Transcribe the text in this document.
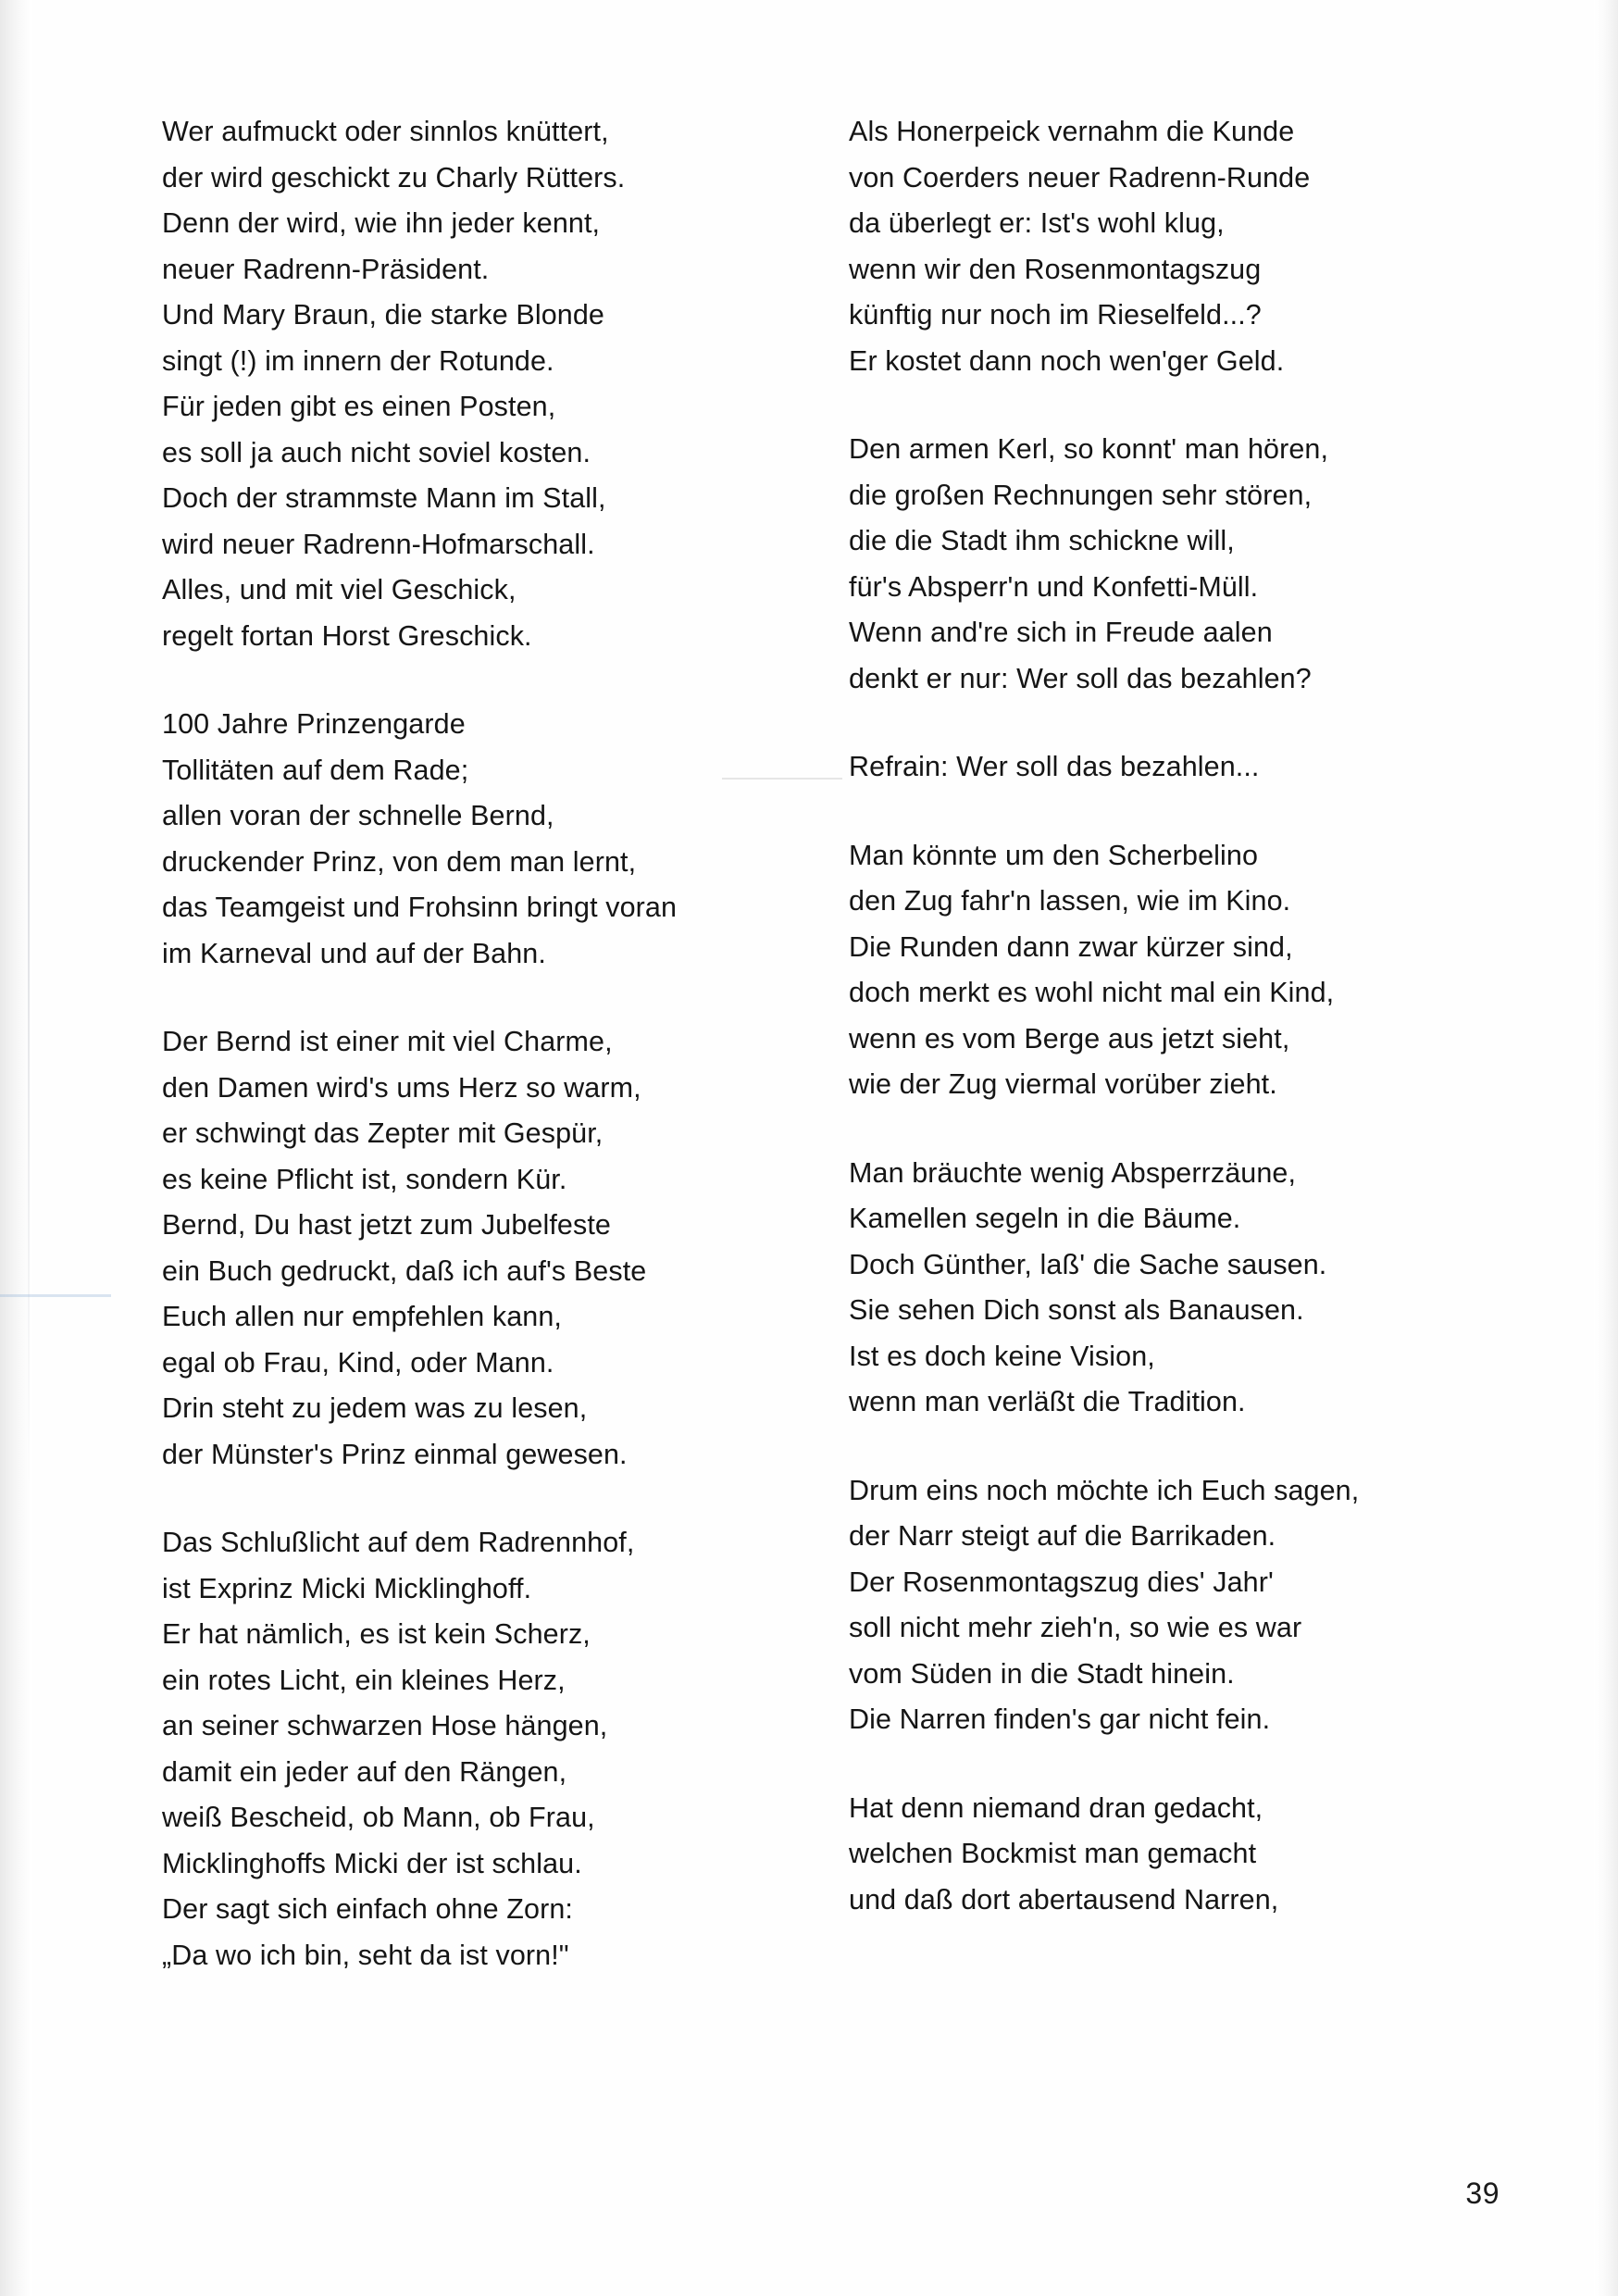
Wer aufmuckt oder sinnlos knüttert,
der wird geschickt zu Charly Rütters.
Denn der wird, wie ihn jeder kennt,
neuer Radrenn-Präsident.
Und Mary Braun, die starke Blonde
singt (!) im innern der Rotunde.
Für jeden gibt es einen Posten,
es soll ja auch nicht soviel kosten.
Doch der strammste Mann im Stall,
wird neuer Radrenn-Hofmarschall.
Alles, und mit viel Geschick,
regelt fortan Horst Greschick.
100 Jahre Prinzengarde
Tollitäten auf dem Rade;
allen voran der schnelle Bernd,
druckender Prinz, von dem man lernt,
das Teamgeist und Frohsinn bringt voran
im Karneval und auf der Bahn.
Der Bernd ist einer mit viel Charme,
den Damen wird's ums Herz so warm,
er schwingt das Zepter mit Gespür,
es keine Pflicht ist, sondern Kür.
Bernd, Du hast jetzt zum Jubelfeste
ein Buch gedruckt, daß ich auf's Beste
Euch allen nur empfehlen kann,
egal ob Frau, Kind, oder Mann.
Drin steht zu jedem was zu lesen,
der Münster's Prinz einmal gewesen.
Das Schlußlicht auf dem Radrennhof,
ist Exprinz Micki Micklinghoff.
Er hat nämlich, es ist kein Scherz,
ein rotes Licht, ein kleines Herz,
an seiner schwarzen Hose hängen,
damit ein jeder auf den Rängen,
weiß Bescheid, ob Mann, ob Frau,
Micklinghoffs Micki der ist schlau.
Der sagt sich einfach ohne Zorn:
„Da wo ich bin, seht da ist vorn!"
Als Honerpeick vernahm die Kunde
von Coerders neuer Radrenn-Runde
da überlegt er: Ist's wohl klug,
wenn wir den Rosenmontagszug
künftig nur noch im Rieselfeld...?
Er kostet dann noch wen'ger Geld.
Den armen Kerl, so konnt' man hören,
die großen Rechnungen sehr stören,
die die Stadt ihm schickne will,
für's Absperr'n und Konfetti-Müll.
Wenn and're sich in Freude aalen
denkt er nur: Wer soll das bezahlen?
Refrain: Wer soll das bezahlen...
Man könnte um den Scherbelino
den Zug fahr'n lassen, wie im Kino.
Die Runden dann zwar kürzer sind,
doch merkt es wohl nicht mal ein Kind,
wenn es vom Berge aus jetzt sieht,
wie der Zug viermal vorüber zieht.
Man bräuchte wenig Absperrzäune,
Kamellen segeln in die Bäume.
Doch Günther, laß' die Sache sausen.
Sie sehen Dich sonst als Banausen.
Ist es doch keine Vision,
wenn man verläßt die Tradition.
Drum eins noch möchte ich Euch sagen,
der Narr steigt auf die Barrikaden.
Der Rosenmontagszug dies' Jahr'
soll nicht mehr zieh'n, so wie es war
vom Süden in die Stadt hinein.
Die Narren finden's gar nicht fein.
Hat denn niemand dran gedacht,
welchen Bockmist man gemacht
und daß dort abertausend Narren,
39
